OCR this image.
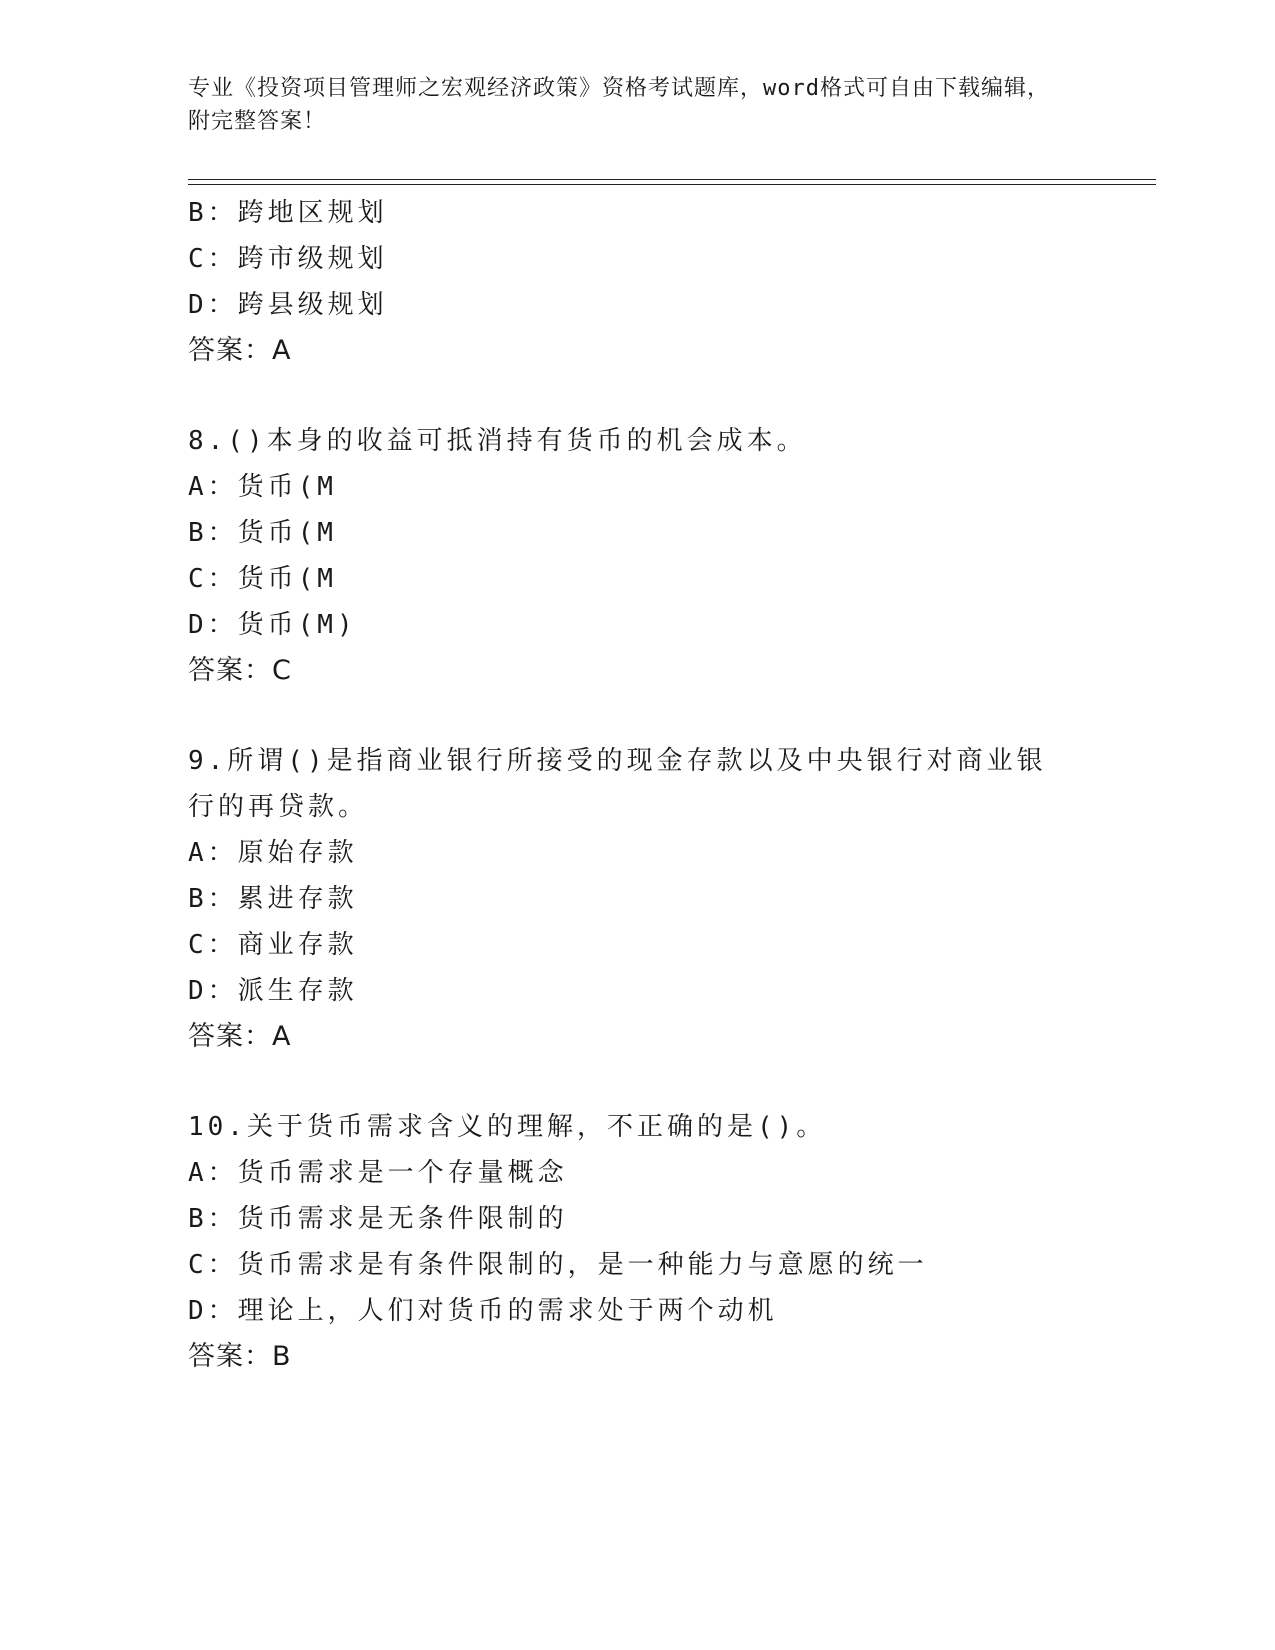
专业《投资项目管理师之宏观经济政策》资格考试题库，word格式可自由下载编辑，附完整答案！
B：跨地区规划
C：跨市级规划
D：跨县级规划
答案：A
8.()本身的收益可抵消持有货币的机会成本。
A：货币(M
B：货币(M
C：货币(M
D：货币(M)
答案：C
9.所谓()是指商业银行所接受的现金存款以及中央银行对商业银行的再贷款。
A：原始存款
B：累进存款
C：商业存款
D：派生存款
答案：A
10.关于货币需求含义的理解，不正确的是()。
A：货币需求是一个存量概念
B：货币需求是无条件限制的
C：货币需求是有条件限制的，是一种能力与意愿的统一
D：理论上，人们对货币的需求处于两个动机
答案：B
